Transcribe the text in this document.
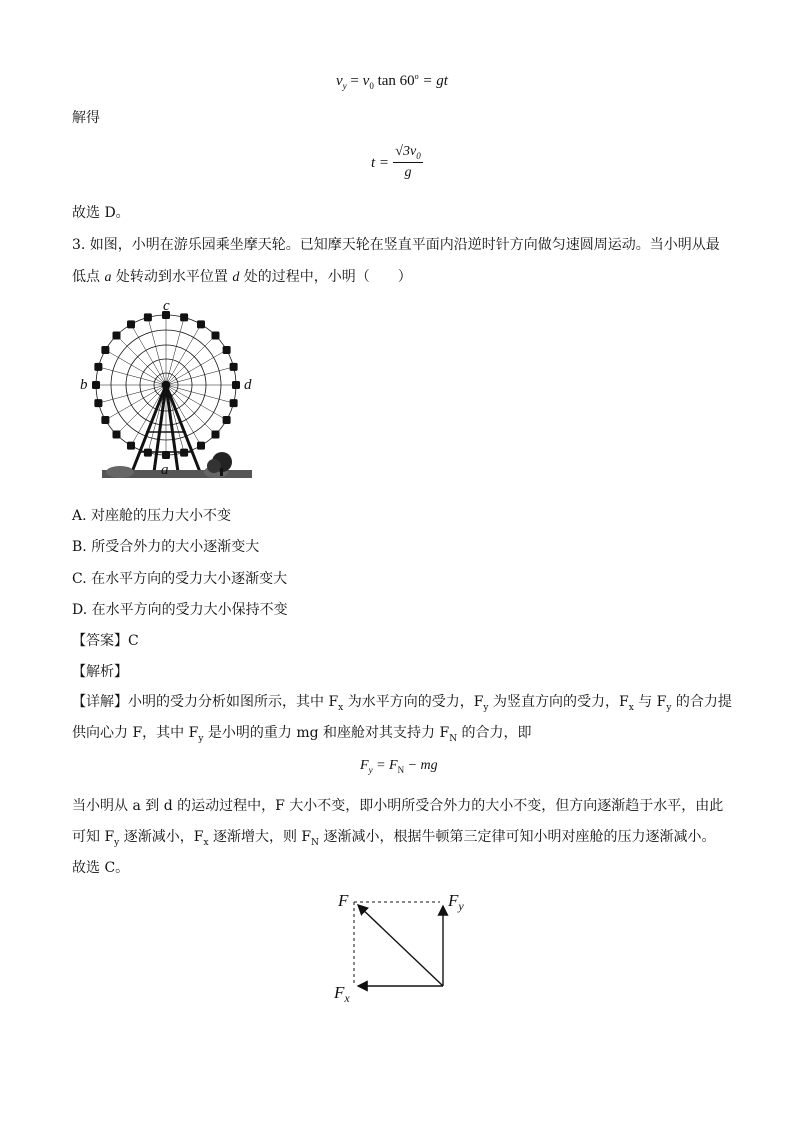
$v_y = v_0$ $\tan 60^o$ = gt
解得
$t = \frac{√3v_0}{g}$
故选 D。
3. 如图，小明在游乐园乘坐摩天轮。已知摩天轮在竖直平面内沿逆时针方向做匀速圆周运动。当小明从最
低点 a 处转动到水平位置 d 处的过程中，小明（　　）
c
b	d
a
A. 对座舱的压力大小不变
B. 所受合外力的大小逐渐变大
C. 在水平方向的受力大小逐渐变大
D. 在水平方向的受力大小保持不变
【答案】C
【解析】
【详解】小明的受力分析如图所示，其中 $F_x$ 为水平方向的受力，$F_y$ 为竖直方向的受力，$F_x$ 与 $F_y$ 的合力提
供向心力 F，其中 $F_y$ 是小明的重力 mg 和座舱对其支持力 $F_N$ 的合力，即
$F_y = F_N$ − mg
当小明从 a 到 d 的运动过程中，F 大小不变，即小明所受合外力的大小不变，但方向逐渐趋于水平，由此
可知 $F_y$ 逐渐减小，$F_x$ 逐渐增大，则 $F_N$ 逐渐减小，根据牛顿第三定律可知小明对座舱的压力逐渐减小。
故选 C。
F	$F_y$
$F_x$
